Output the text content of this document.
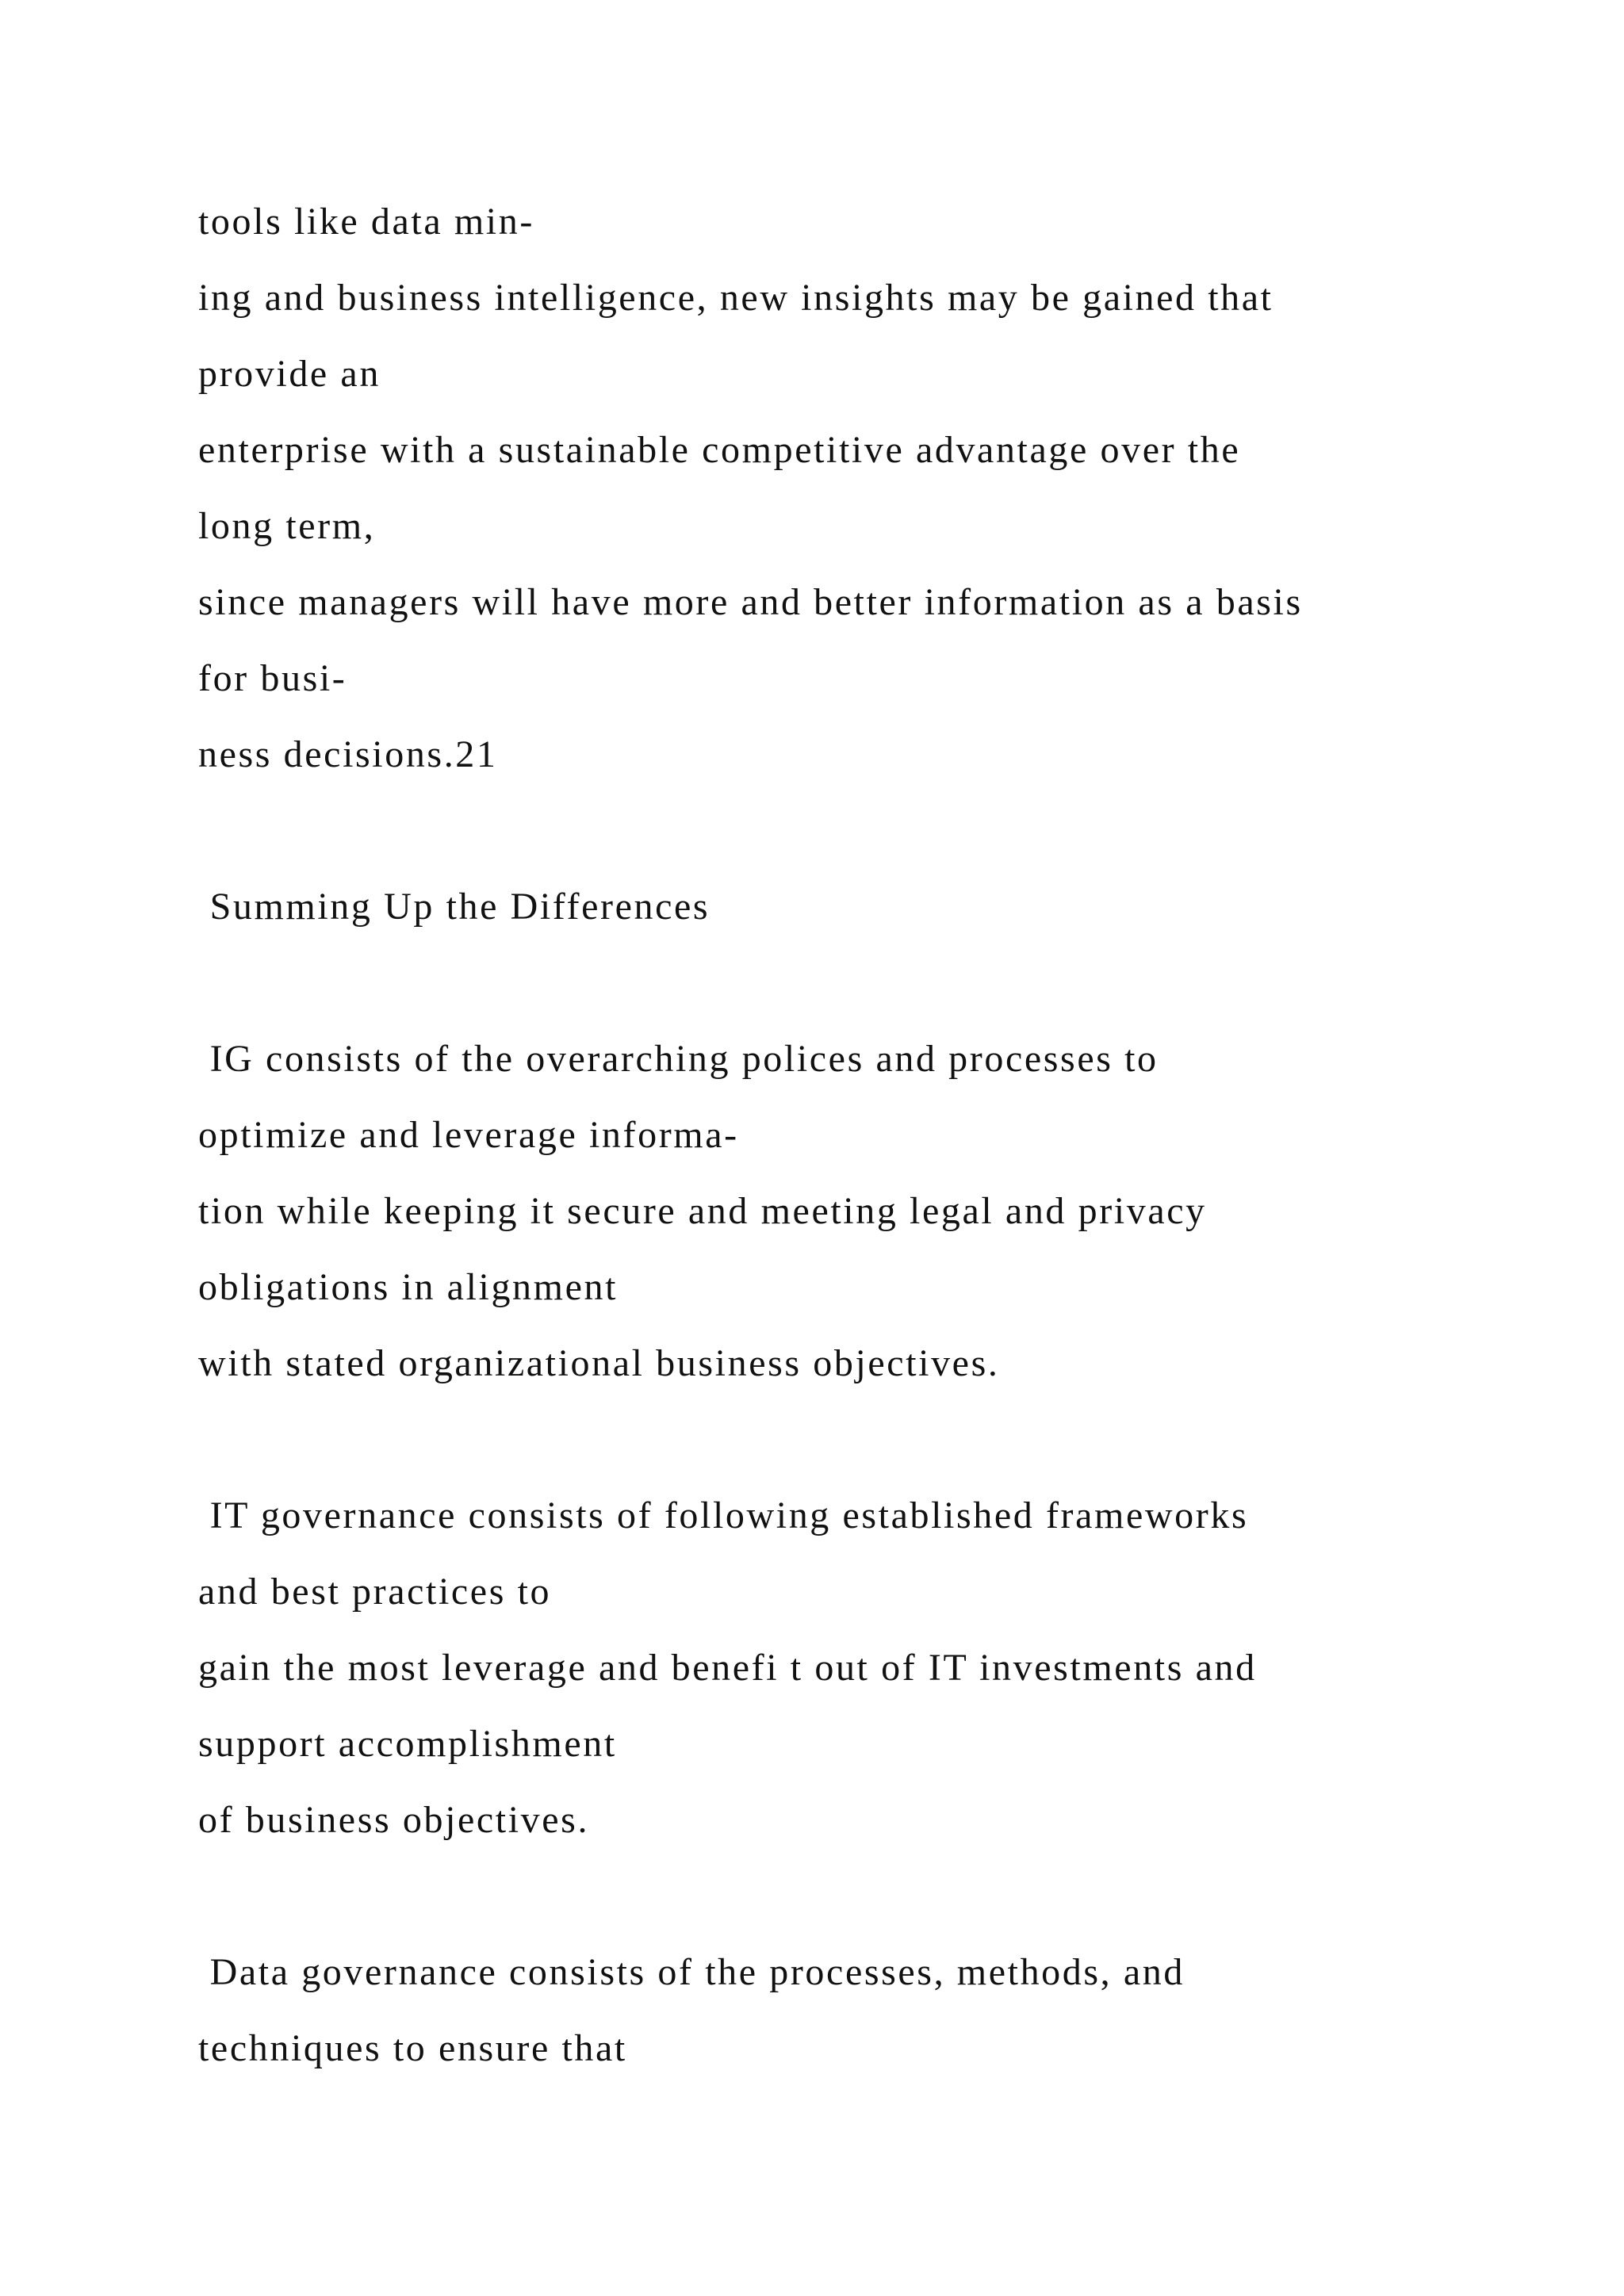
tools like data min-
ing and business intelligence, new insights may be gained that
provide an
enterprise with a sustainable competitive advantage over the
long term,
since managers will have more and better information as a basis
for busi-
ness decisions.21
Summing Up the Differences
IG consists of the overarching polices and processes to
optimize and leverage informa-
tion while keeping it secure and meeting legal and privacy
obligations in alignment
with stated organizational business objectives.
IT governance consists of following established frameworks
and best practices to
gain the most leverage and benefi t out of IT investments and
support accomplishment
of business objectives.
Data governance consists of the processes, methods, and
techniques to ensure that
